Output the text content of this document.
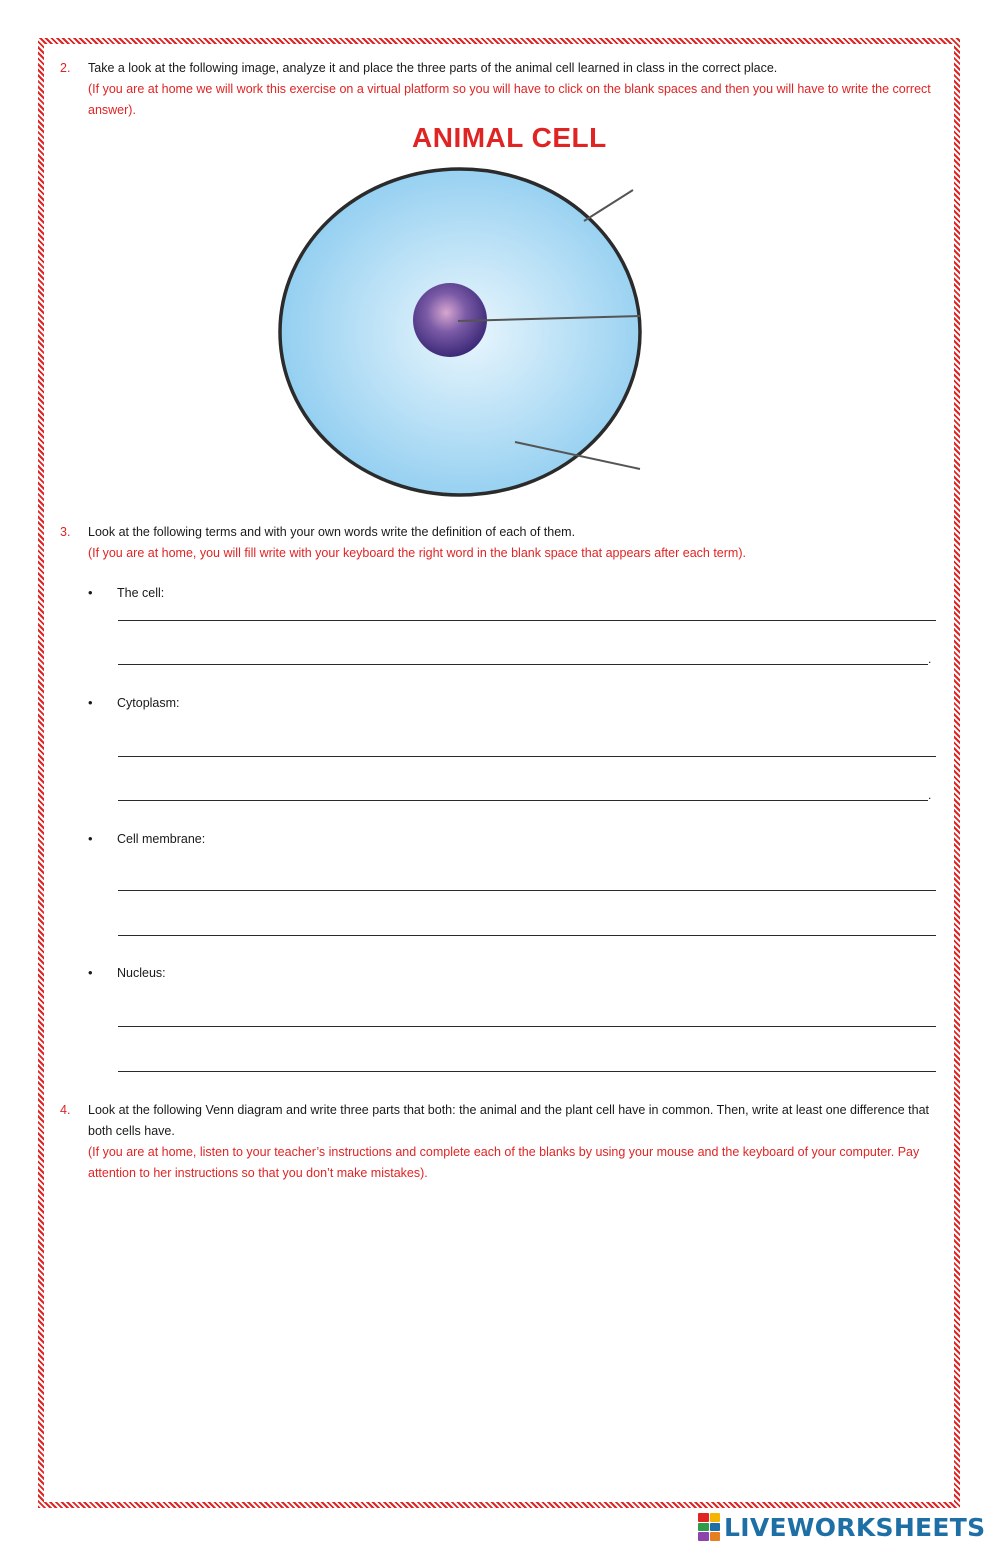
2. Take a look at the following image, analyze it and place the three parts of the animal cell learned in class in the correct place.
(If you are at home we will work this exercise on a virtual platform so you will have to click on the blank spaces and then you will have to write the correct answer).
ANIMAL CELL
3. Look at the following terms and with your own words write the definition of each of them.
(If you are at home, you will fill write with your keyboard the right word in the blank space that appears after each term).
• The cell:
.
• Cytoplasm:
.
• Cell membrane:
• Nucleus:
4. Look at the following Venn diagram and write three parts that both: the animal and the plant cell have in common. Then, write at least one difference that both cells have.
(If you are at home, listen to your teacher’s instructions and complete each of the blanks by using your mouse and the keyboard of your computer. Pay attention to her instructions so that you don’t make mistakes).
LIVEWORKSHEETS
